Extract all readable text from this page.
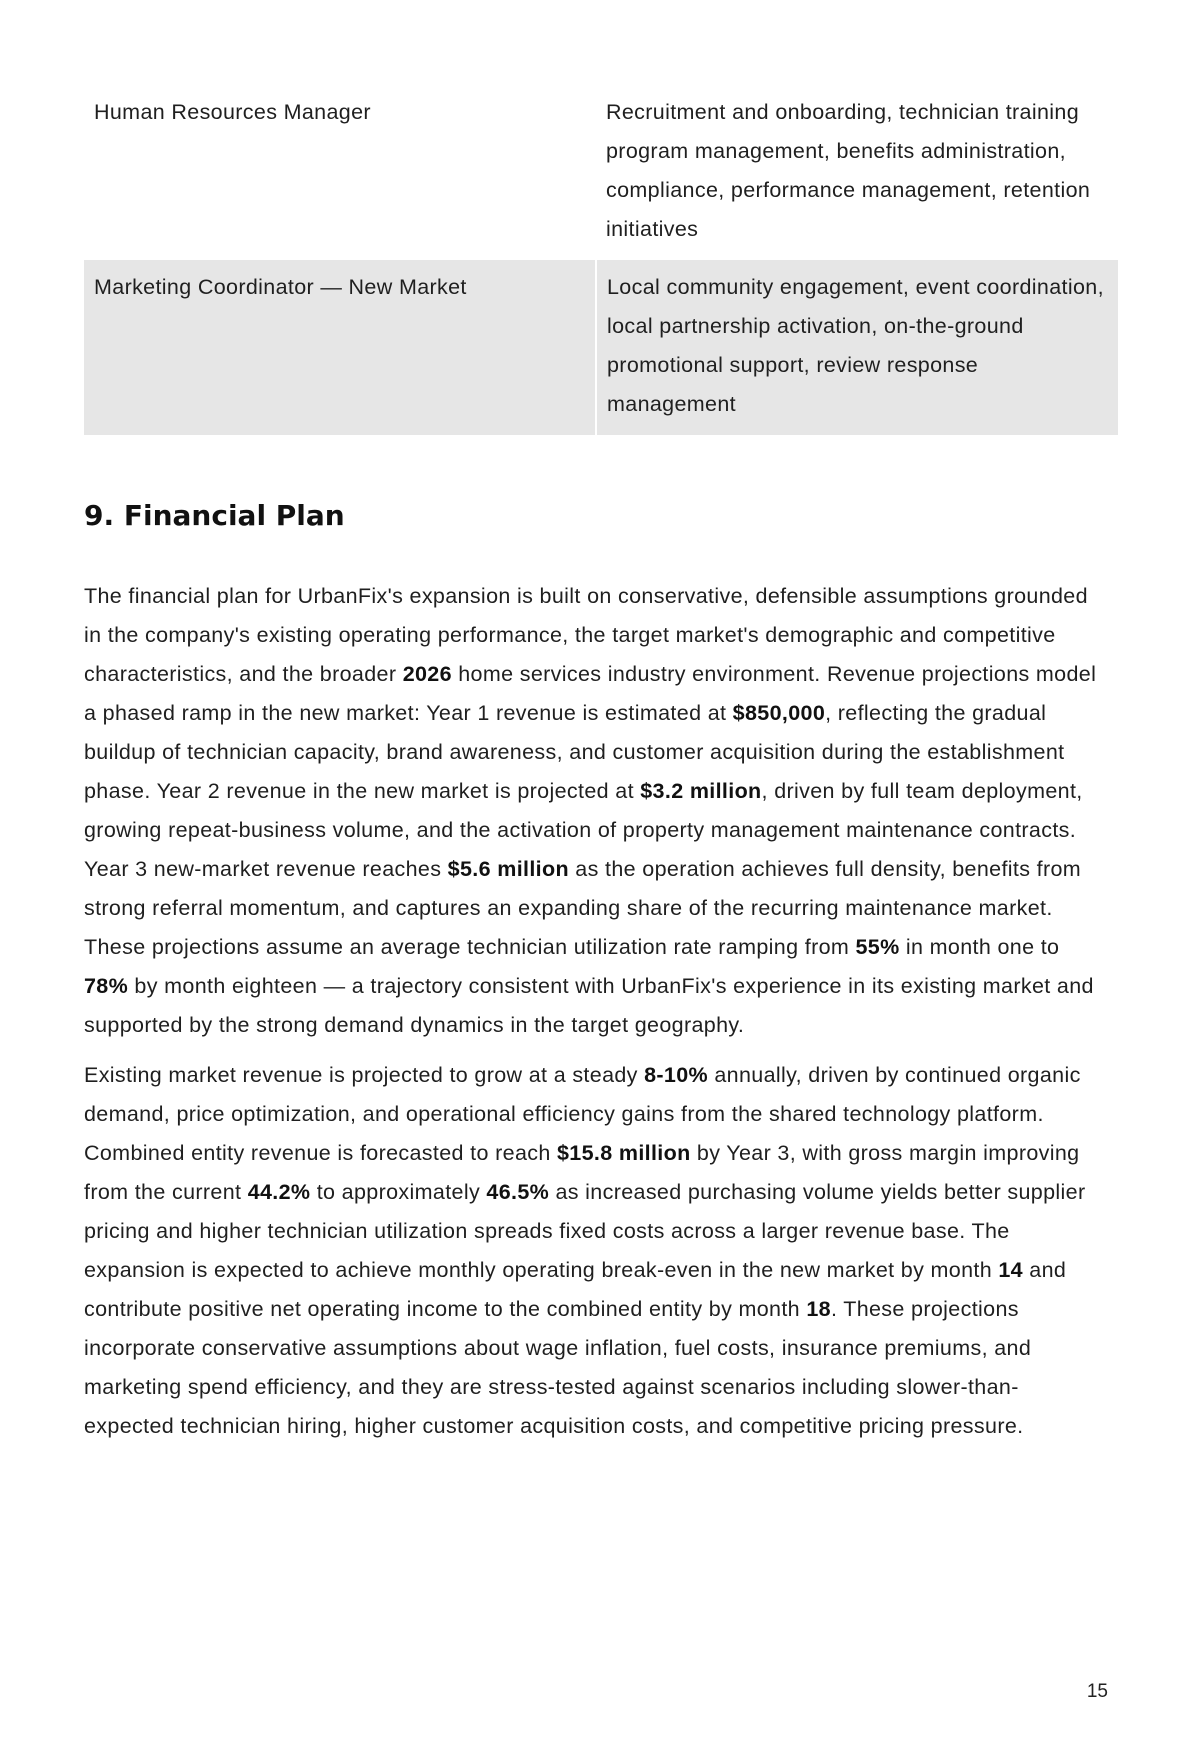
Human Resources Manager	Recruitment and onboarding, technician training program management, benefits administration, compliance, performance management, retention initiatives
Marketing Coordinator — New Market	Local community engagement, event coordination, local partnership activation, on-the-ground promotional support, review response management
9. Financial Plan

The financial plan for UrbanFix's expansion is built on conservative, defensible assumptions grounded in the company's existing operating performance, the target market's demographic and competitive characteristics, and the broader 2026 home services industry environment. Revenue projections model a phased ramp in the new market: Year 1 revenue is estimated at $850,000, reflecting the gradual buildup of technician capacity, brand awareness, and customer acquisition during the establishment phase. Year 2 revenue in the new market is projected at $3.2 million, driven by full team deployment, growing repeat-business volume, and the activation of property management maintenance contracts. Year 3 new-market revenue reaches $5.6 million as the operation achieves full density, benefits from strong referral momentum, and captures an expanding share of the recurring maintenance market. These projections assume an average technician utilization rate ramping from 55% in month one to 78% by month eighteen — a trajectory consistent with UrbanFix's experience in its existing market and supported by the strong demand dynamics in the target geography.

Existing market revenue is projected to grow at a steady 8-10% annually, driven by continued organic demand, price optimization, and operational efficiency gains from the shared technology platform. Combined entity revenue is forecasted to reach $15.8 million by Year 3, with gross margin improving from the current 44.2% to approximately 46.5% as increased purchasing volume yields better supplier pricing and higher technician utilization spreads fixed costs across a larger revenue base. The expansion is expected to achieve monthly operating break-even in the new market by month 14 and contribute positive net operating income to the combined entity by month 18. These projections incorporate conservative assumptions about wage inflation, fuel costs, insurance premiums, and marketing spend efficiency, and they are stress-tested against scenarios including slower-than-expected technician hiring, higher customer acquisition costs, and competitive pricing pressure.

15
